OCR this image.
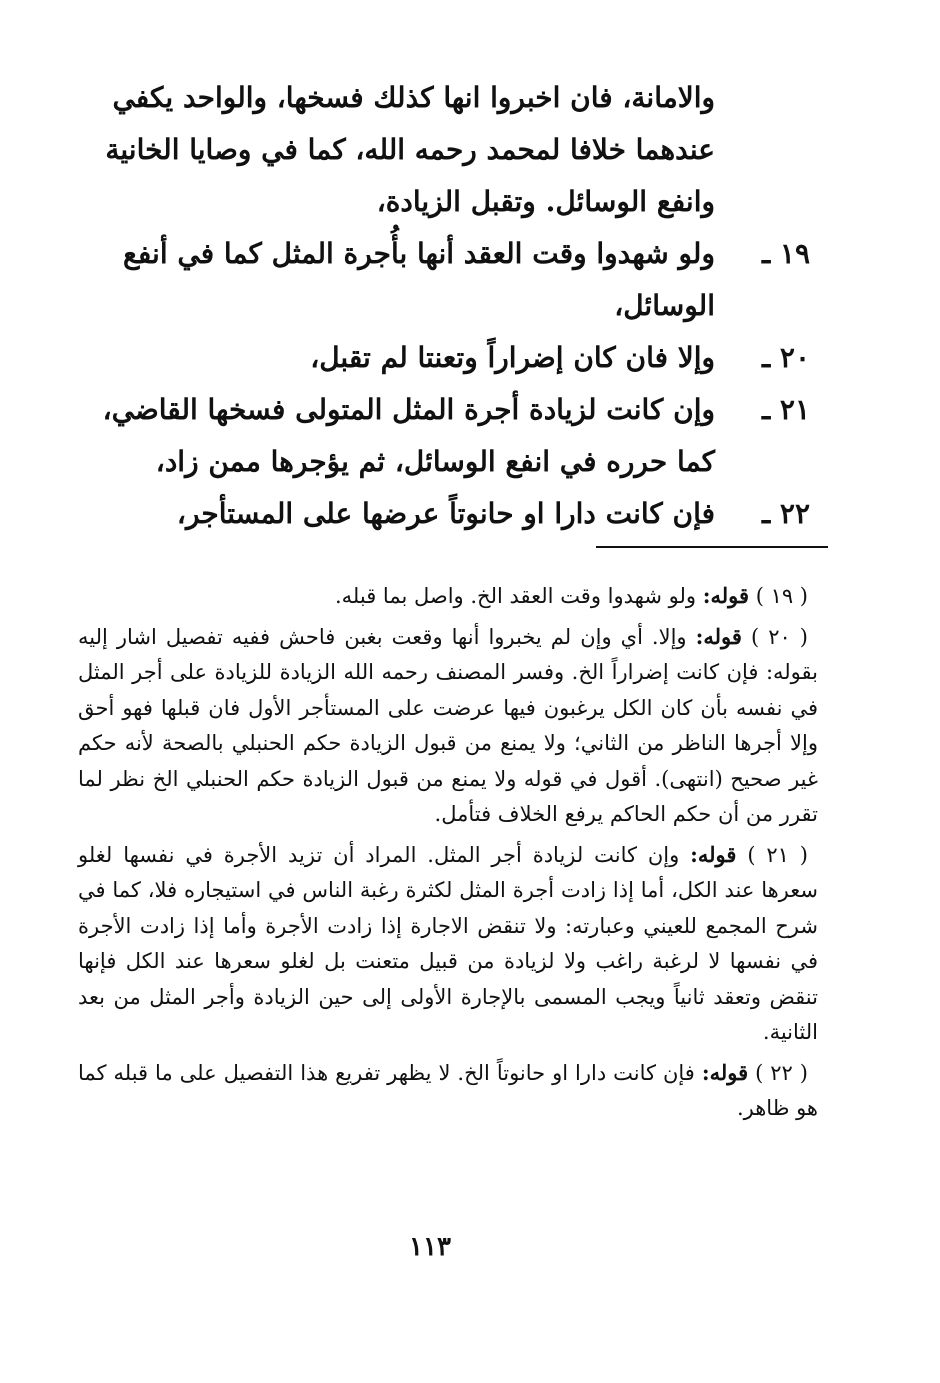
والامانة، فان اخبروا انها كذلك فسخها، والواحد يكفي عندهما خلافا لمحمد رحمه الله، كما في وصايا الخانية وانفع الوسائل. وتقبل الزيادة،

١٩ ـ
ولو شهدوا وقت العقد أنها بأُجرة المثل كما في أنفع الوسائل،
٢٠ ـ
وإلا فان كان إضراراً وتعنتا لم تقبل،
٢١ ـ
وإن كانت لزيادة أجرة المثل المتولى فسخها القاضي، كما حرره في انفع الوسائل، ثم يؤجرها ممن زاد،
٢٢ ـ
فإن كانت دارا او حانوتاً عرضها على المستأجر،

( ١٩ ) قوله: ولو شهدوا وقت العقد الخ. واصل بما قبله.

( ٢٠ ) قوله: وإلا. أي وإن لم يخبروا أنها وقعت بغبن فاحش ففيه تفصيل اشار إليه بقوله: فإن كانت إضراراً الخ. وفسر المصنف رحمه الله الزيادة للزيادة على أجر المثل في نفسه بأن كان الكل يرغبون فيها عرضت على المستأجر الأول فان قبلها فهو أحق وإلا أجرها الناظر من الثاني؛ ولا يمنع من قبول الزيادة حكم الحنبلي بالصحة لأنه حكم غير صحيح (انتهى). أقول في قوله ولا يمنع من قبول الزيادة حكم الحنبلي الخ نظر لما تقرر من أن حكم الحاكم يرفع الخلاف فتأمل.

( ٢١ ) قوله: وإن كانت لزيادة أجر المثل. المراد أن تزيد الأجرة في نفسها لغلو سعرها عند الكل، أما إذا زادت أجرة المثل لكثرة رغبة الناس في استيجاره فلا، كما في شرح المجمع للعيني وعبارته: ولا تنقض الاجارة إذا زادت الأجرة وأما إذا زادت الأجرة في نفسها لا لرغبة راغب ولا لزيادة من قبيل متعنت بل لغلو سعرها عند الكل فإنها تنقض وتعقد ثانياً ويجب المسمى بالإجارة الأولى إلى حين الزيادة وأجر المثل من بعد الثانية.

( ٢٢ ) قوله: فإن كانت دارا او حانوتاً الخ. لا يظهر تفريع هذا التفصيل على ما قبله كما هو ظاهر.

١١٣
